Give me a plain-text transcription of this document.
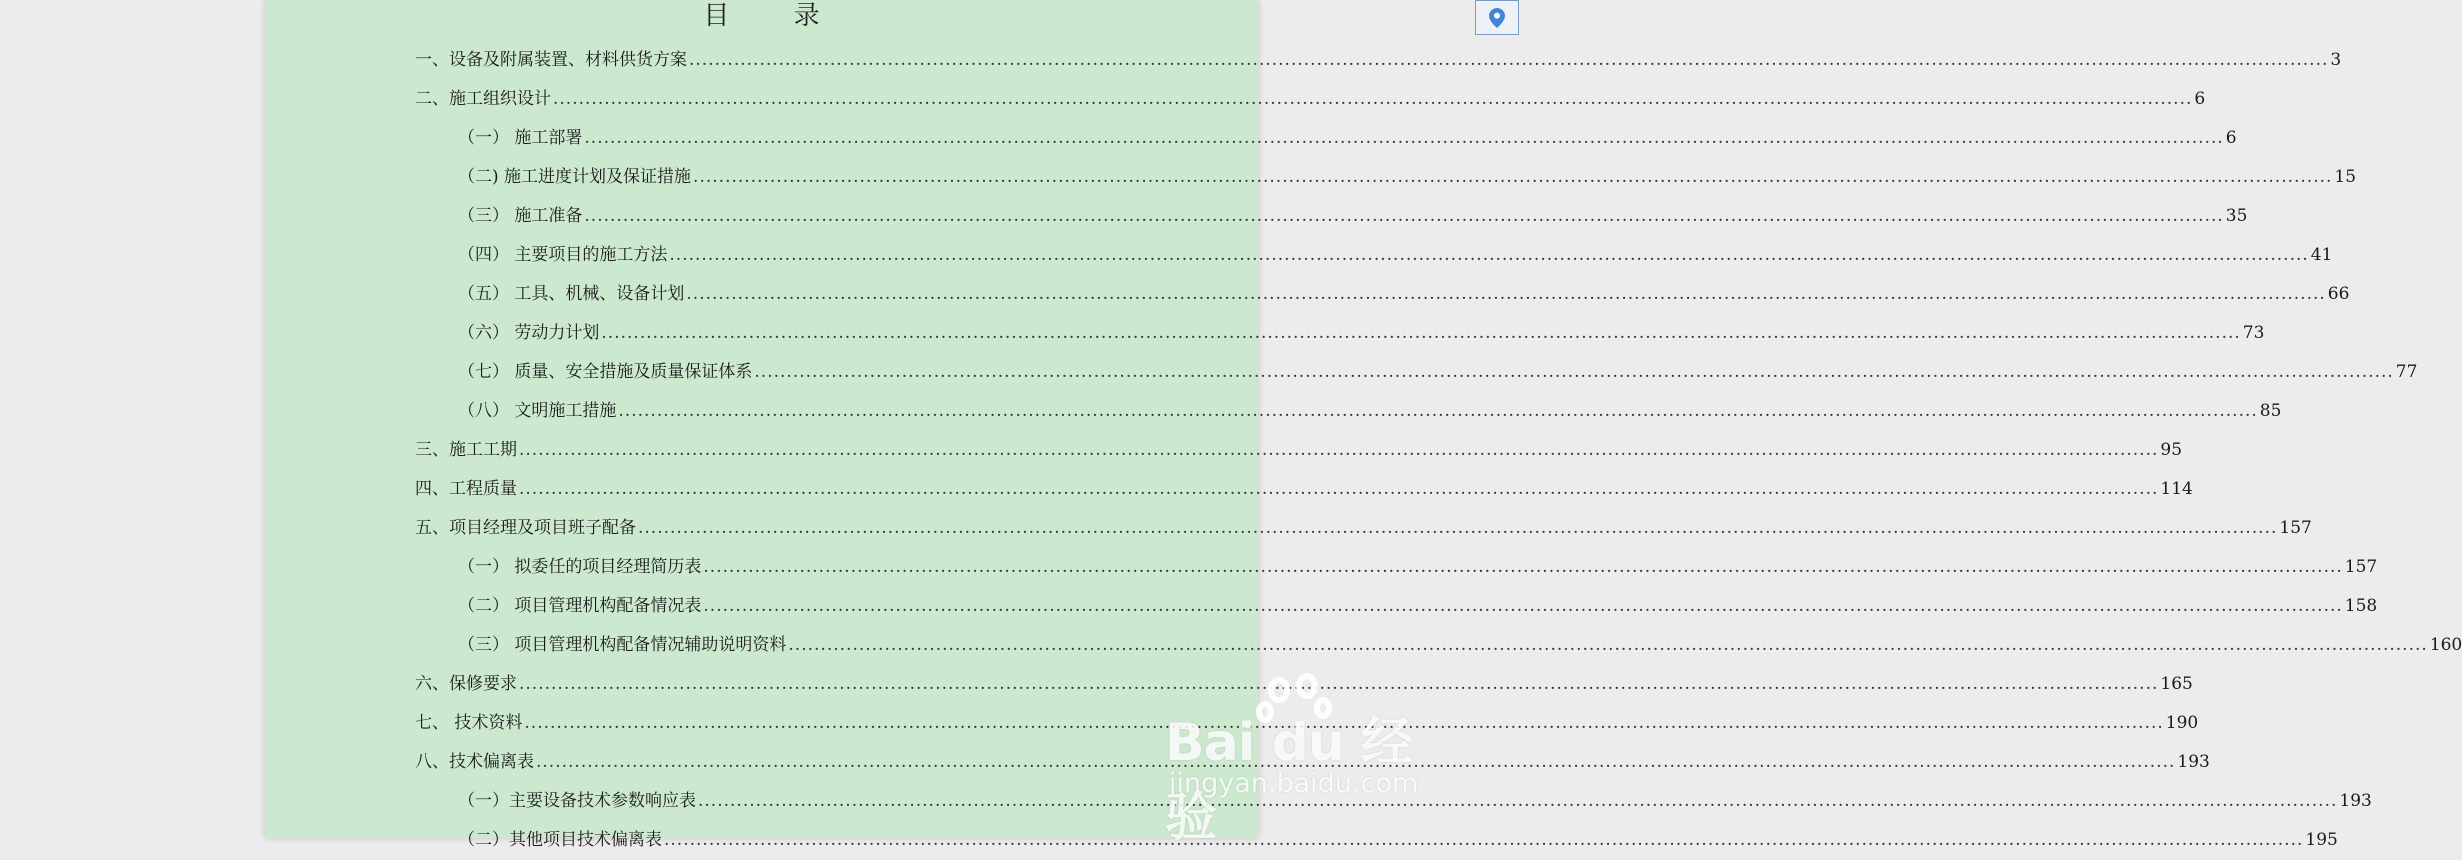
目 录
一、设备及附属装置、材料供货方案 .....	3
二、施工组织设计 .....	6
（一） 施工部署 .....	6
（二) 施工进度计划及保证措施 .....	15
（三） 施工准备 .....	35
（四） 主要项目的施工方法 .....	41
（五） 工具、机械、设备计划 .....	66
（六） 劳动力计划 .....	73
（七） 质量、安全措施及质量保证体系 .....	77
（八） 文明施工措施 .....	85
三、施工工期 .....	95
四、工程质量 .....	114
五、项目经理及项目班子配备 .....	157
（一） 拟委任的项目经理简历表 .....	157
（二） 项目管理机构配备情况表 .....	158
（三） 项目管理机构配备情况辅助说明资料 .....	160
六、保修要求 .....	165
七、 技术资料 .....	190
八、技术偏离表 .....	193
（一）主要设备技术参数响应表 .....	193
（二）其他项目技术偏离表 .....	195
Bai du 经验
jingyan.baidu.com
